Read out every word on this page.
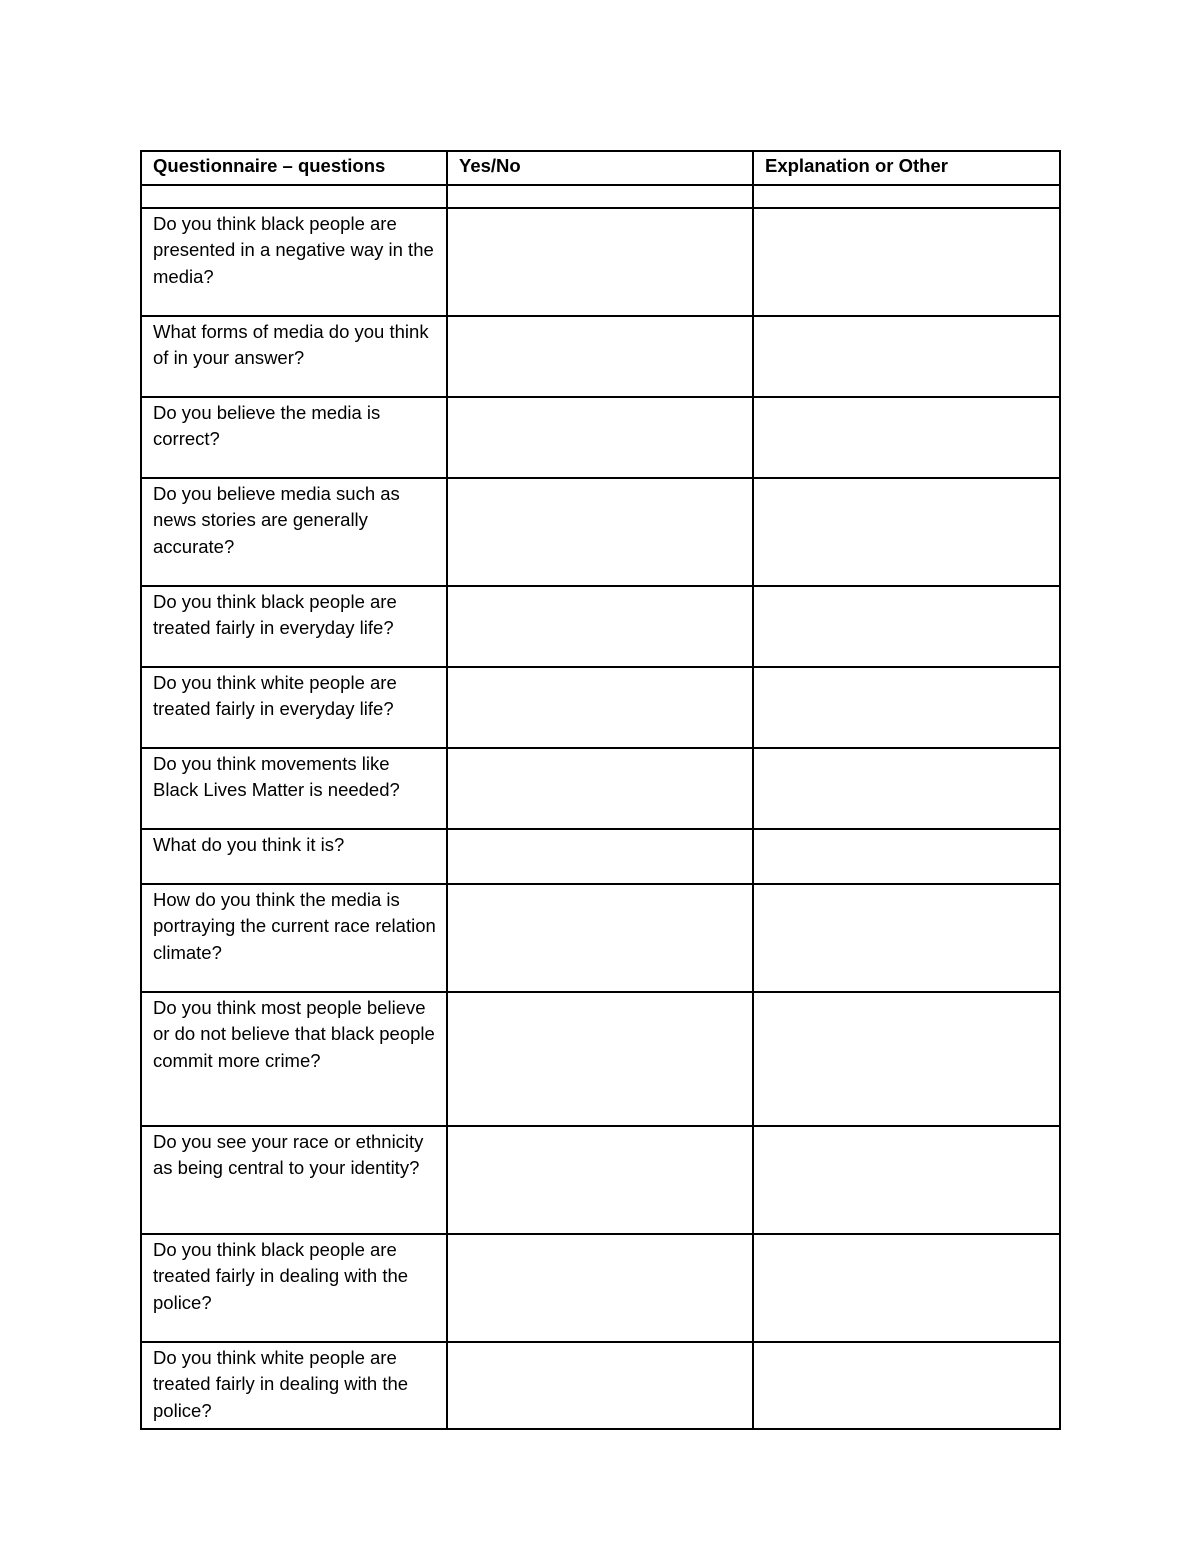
Questionnaire – questions	Yes/No	Explanation or Other

Do you think black people are presented in a negative way in the media?		
What forms of media do you think of in your answer?		
Do you believe the media is correct?		
Do you believe media such as news stories are generally accurate?		
Do you think black people are treated fairly in everyday life?		
Do you think white people are treated fairly in everyday life?		
Do you think movements like Black Lives Matter is needed?		
What do you think it is?		
How do you think the media is portraying the current race relation climate?		
Do you think most people believe or do not believe that black people commit more crime?		
Do you see your race or ethnicity as being central to your identity?		
Do you think black people are treated fairly in dealing with the police?		
Do you think white people are treated fairly in dealing with the police?		
